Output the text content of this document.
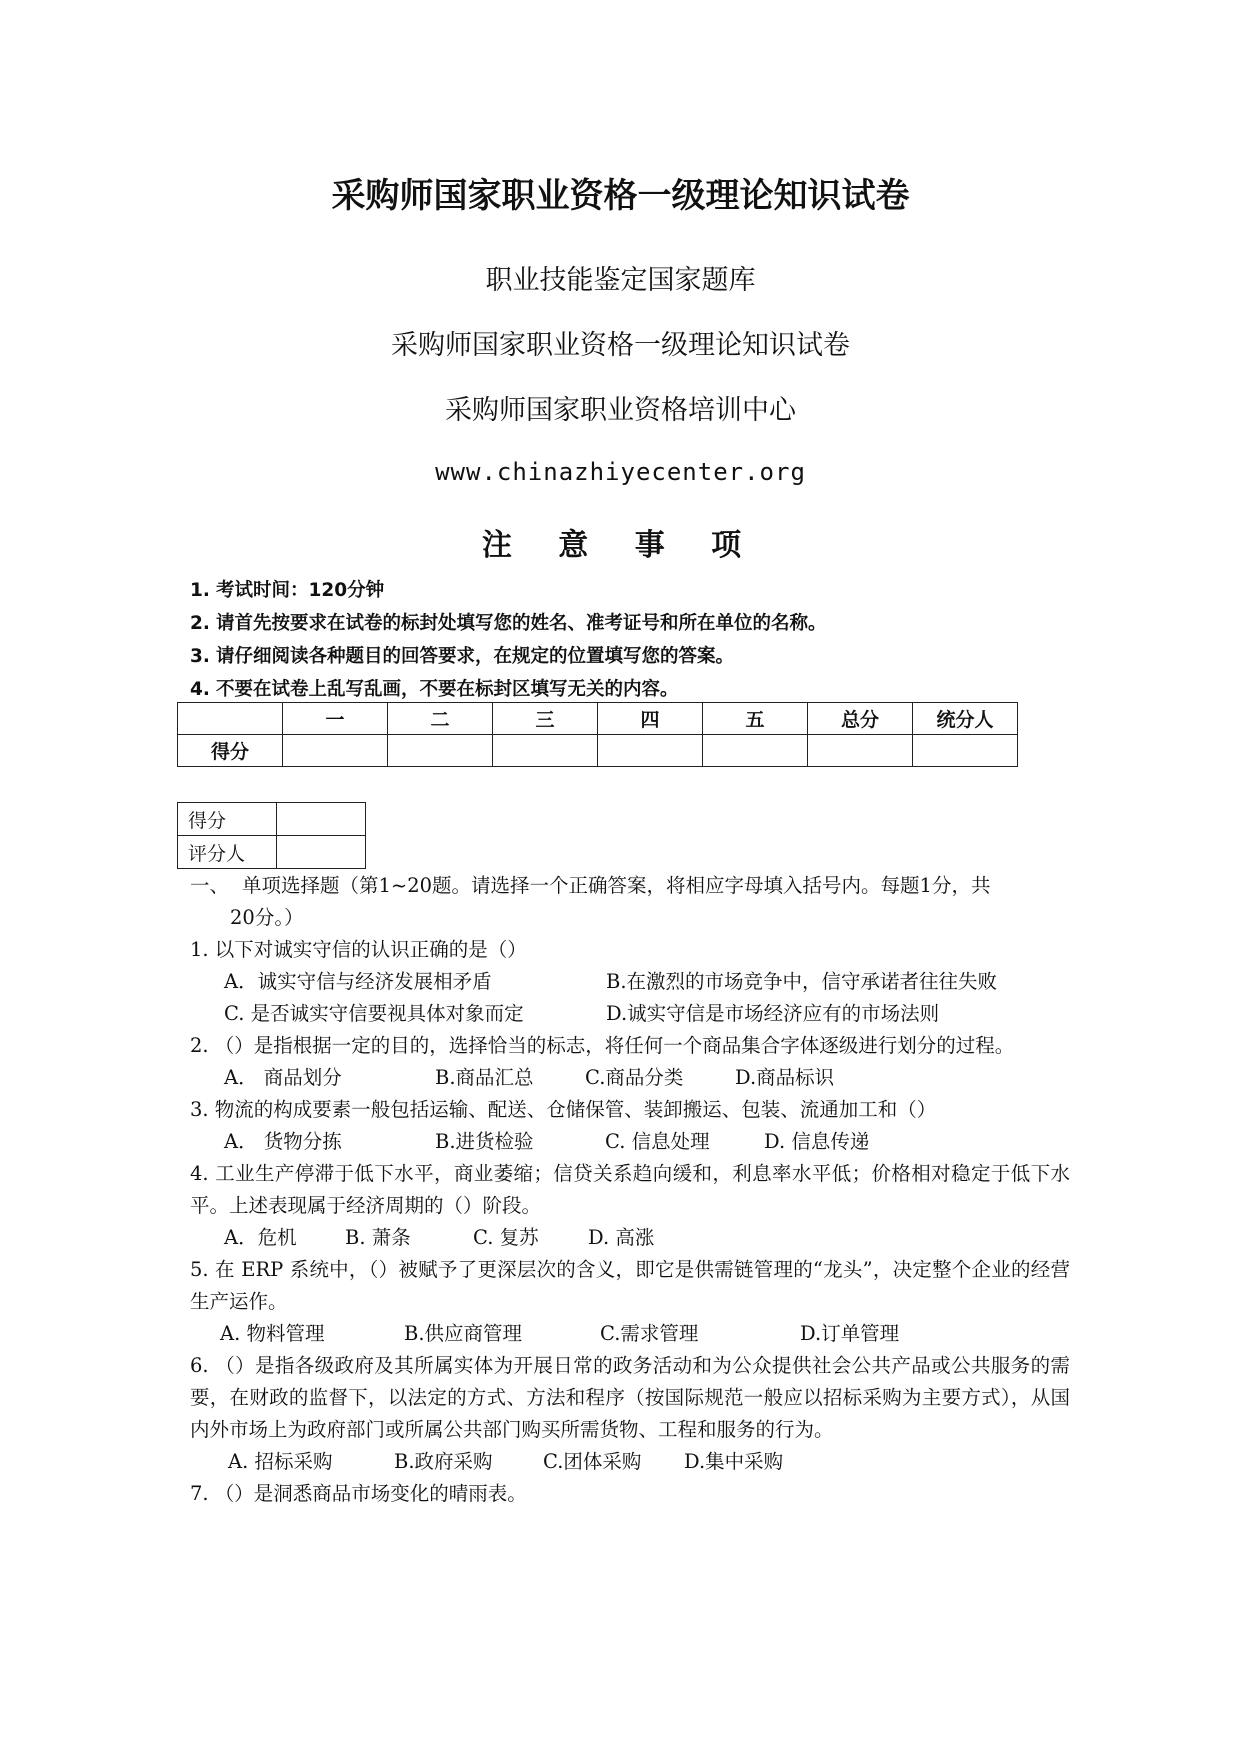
采购师国家职业资格一级理论知识试卷

职业技能鉴定国家题库

采购师国家职业资格一级理论知识试卷

采购师国家职业资格培训中心

www.chinazhiyecenter.org

注 意 事 项
1. 考试时间：120分钟
2. 请首先按要求在试卷的标封处填写您的姓名、准考证号和所在单位的名称。
3. 请仔细阅读各种题目的回答要求，在规定的位置填写您的答案。
4. 不要在试卷上乱写乱画，不要在标封区填写无关的内容。
	一	二	三	四	五	总分	统分人
得分							
得分	
评分人	
一、 单项选择题（第1~20题。请选择一个正确答案，将相应字母填入括号内。每题1分，共
20分。）

1. 以下对诚实守信的认识正确的是（）

A．诚实守信与经济发展相矛盾	B.在激烈的市场竞争中，信守承诺者往往失败
C. 是否诚实守信要视具体对象而定	D.诚实守信是市场经济应有的市场法则

2. （）是指根据一定的目的，选择恰当的标志，将任何一个商品集合字体逐级进行划分的过程。

A． 商品划分	B.商品汇总	C.商品分类	D.商品标识

3. 物流的构成要素一般包括运输、配送、仓储保管、装卸搬运、包装、流通加工和（）

A． 货物分拣	B.进货检验	C. 信息处理	D. 信息传递

4. 工业生产停滞于低下水平，商业萎缩；信贷关系趋向缓和，利息率水平低；价格相对稳定于低下水平。上述表现属于经济周期的（）阶段。

A．危机 B. 萧条	C. 复苏	D. 高涨

5. 在 ERP 系统中，（）被赋予了更深层次的含义，即它是供需链管理的“龙头”，决定整个企业的经营生产运作。

A. 物料管理	B.供应商管理	C.需求管理	D.订单管理

6. （）是指各级政府及其所属实体为开展日常的政务活动和为公众提供社会公共产品或公共服务的需要，在财政的监督下，以法定的方式、方法和程序（按国际规范一般应以招标采购为主要方式），从国内外市场上为政府部门或所属公共部门购买所需货物、工程和服务的行为。

A. 招标采购	B.政府采购	C.团体采购 D.集中采购

7. （）是洞悉商品市场变化的晴雨表。
